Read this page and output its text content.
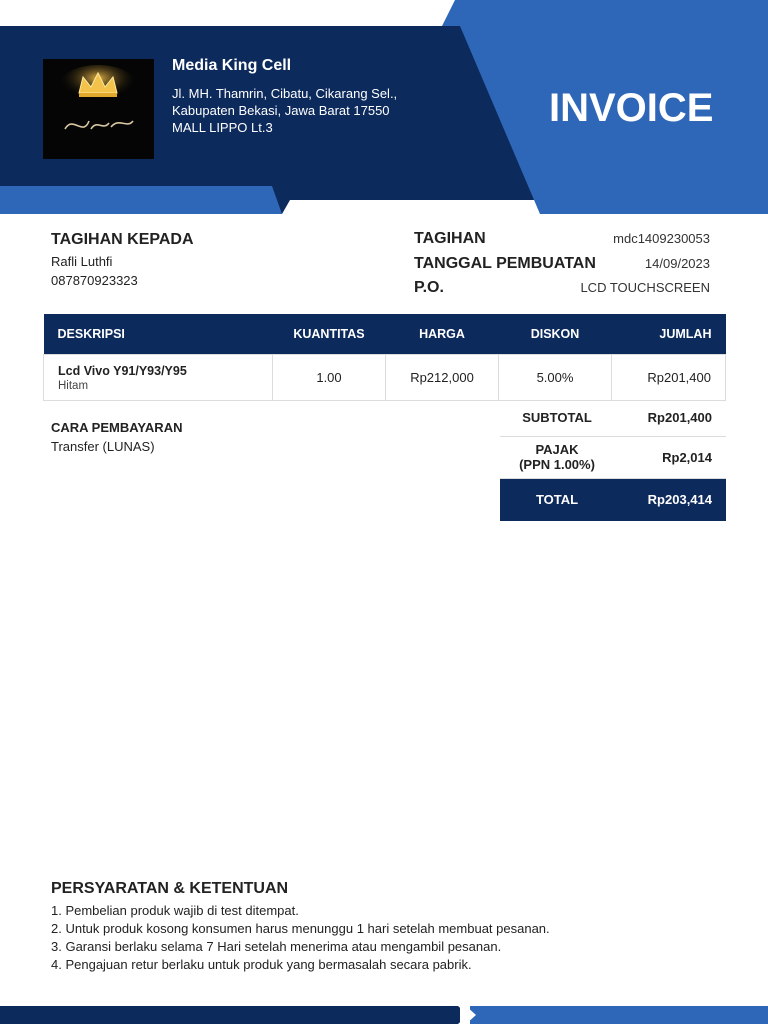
Media King Cell
Jl. MH. Thamrin, Cibatu, Cikarang Sel.,
Kabupaten Bekasi, Jawa Barat 17550
MALL LIPPO Lt.3	INVOICE
TAGIHAN KEPADA
Rafli Luthfi
087870923323
TAGIHAN	mdc1409230053
TANGGAL PEMBUATAN	14/09/2023
P.O.	LCD TOUCHSCREEN
DESKRIPSI	KUANTITAS	HARGA	DISKON	JUMLAH

Lcd Vivo Y91/Y93/Y95
Hitam	1.00	Rp212,000	5.00%	Rp201,400
CARA PEMBAYARAN
Transfer (LUNAS)
SUBTOTAL	Rp201,400

PAJAK
(PPN 1.00%)	Rp2,014
TOTAL	Rp203,414
PERSYARATAN & KETENTUAN
1. Pembelian produk wajib di test ditempat.
2. Untuk produk kosong konsumen harus menunggu 1 hari setelah membuat pesanan.
3. Garansi berlaku selama 7 Hari setelah menerima atau mengambil pesanan.
4. Pengajuan retur berlaku untuk produk yang bermasalah secara pabrik.
